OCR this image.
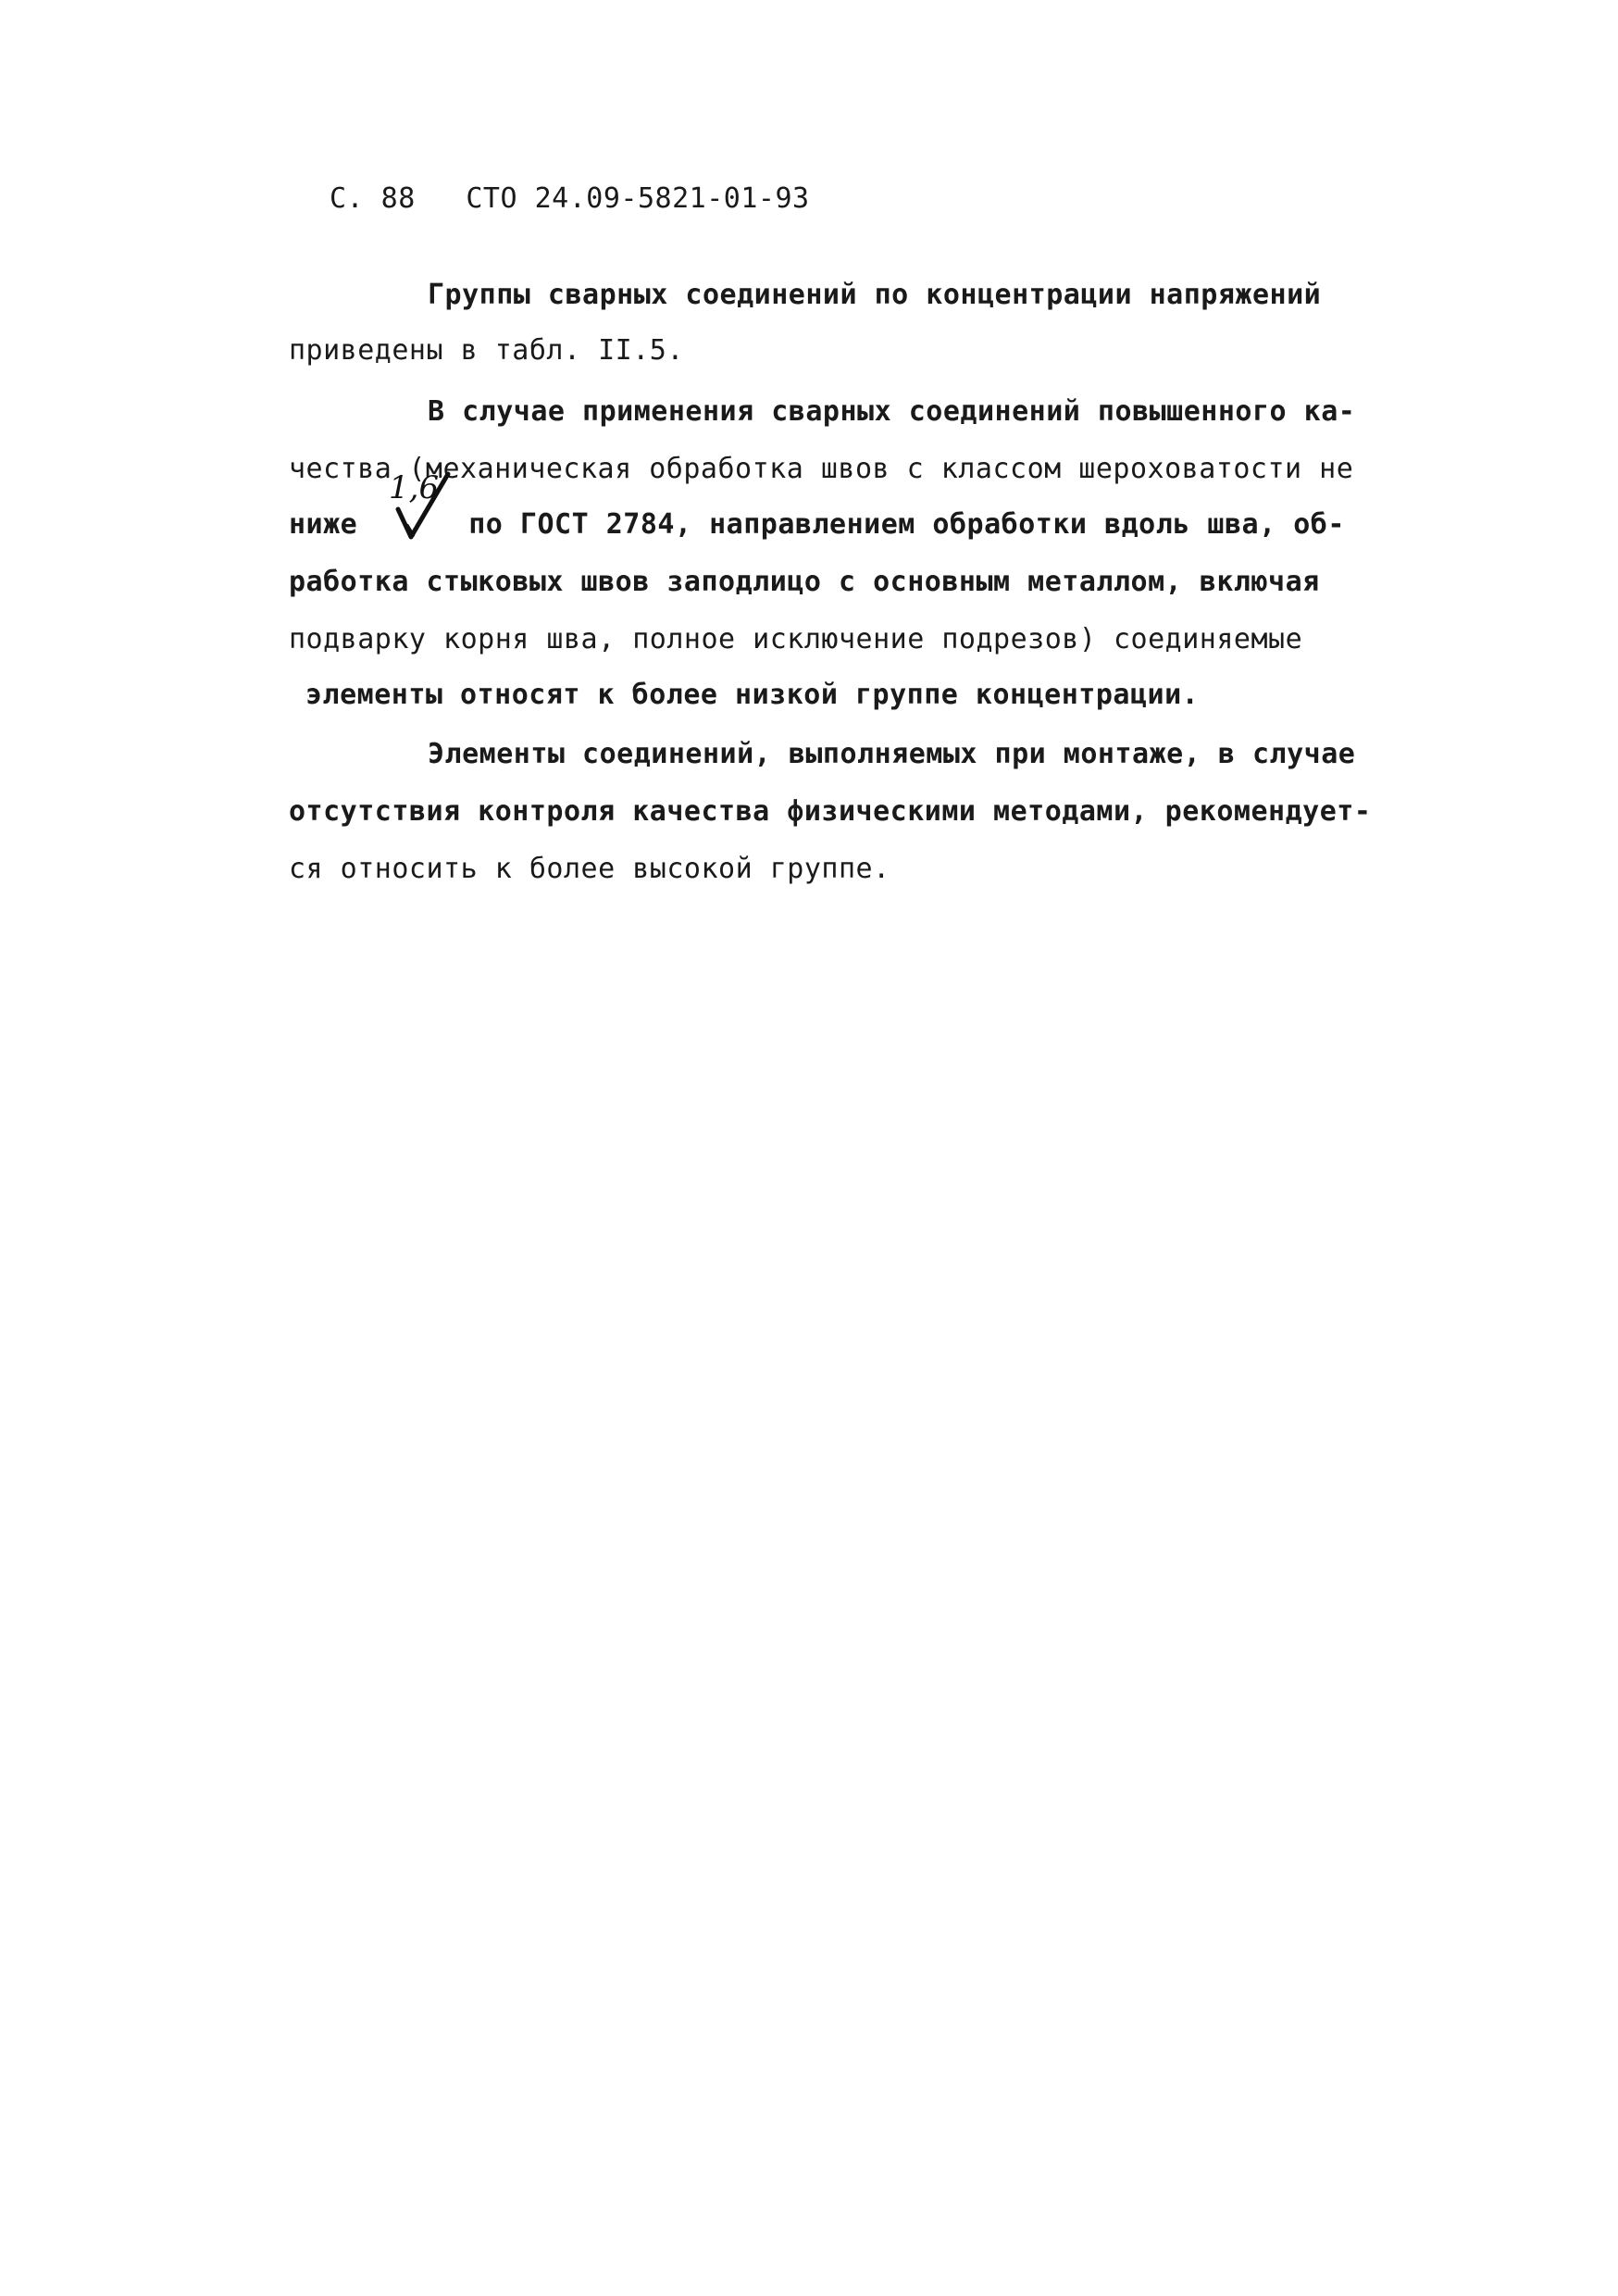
С. 88 СТО 24.09-5821-01-93
Группы сварных соединений по концентрации напряжений
приведены в табл. II.5.
В случае применения сварных соединений повышенного ка-
чества (механическая обработка швов с классом шероховатости не
1,6
ниже	по ГОСТ 2784, направлением обработки вдоль шва, об-
работка стыковых швов заподлицо с основным металлом, включая
подварку корня шва, полное исключение подрезов) соединяемые
элементы относят к более низкой группе концентрации.
Элементы соединений, выполняемых при монтаже, в случае
отсутствия контроля качества физическими методами, рекомендует-
ся относить к более высокой группе.
